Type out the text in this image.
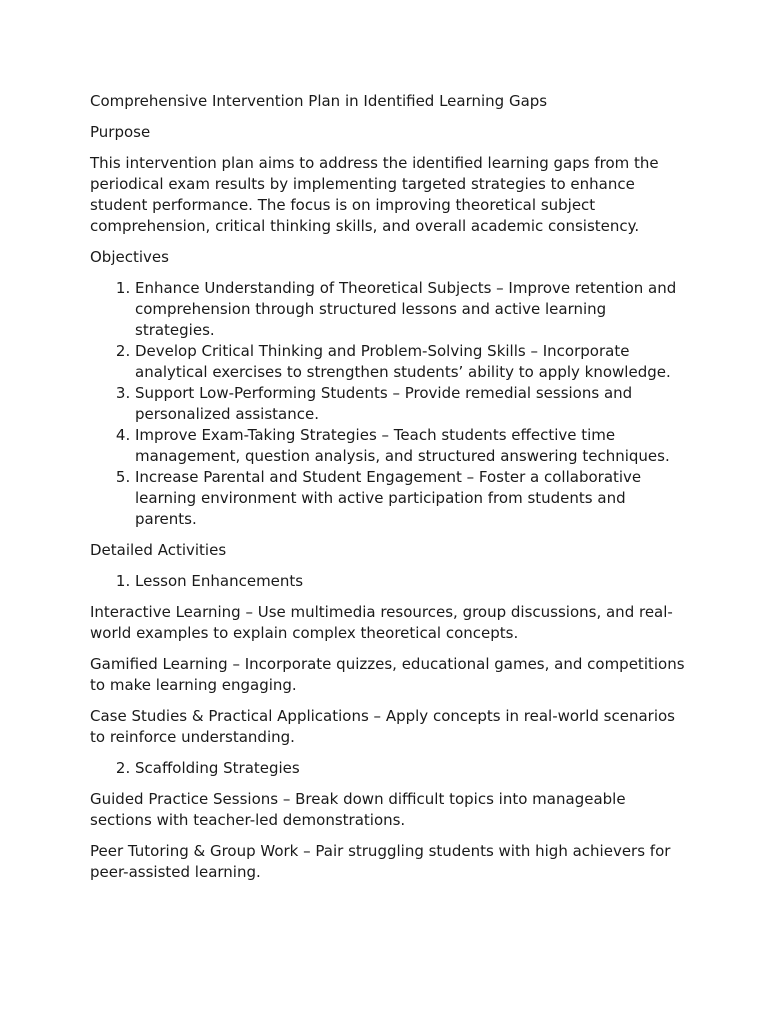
Comprehensive Intervention Plan in Identified Learning Gaps

Purpose

This intervention plan aims to address the identified learning gaps from the periodical exam results by implementing targeted strategies to enhance student performance. The focus is on improving theoretical subject comprehension, critical thinking skills, and overall academic consistency.

Objectives

1. Enhance Understanding of Theoretical Subjects – Improve retention and comprehension through structured lessons and active learning strategies.
2. Develop Critical Thinking and Problem-Solving Skills – Incorporate analytical exercises to strengthen students’ ability to apply knowledge.
3. Support Low-Performing Students – Provide remedial sessions and personalized assistance.
4. Improve Exam-Taking Strategies – Teach students effective time management, question analysis, and structured answering techniques.
5. Increase Parental and Student Engagement – Foster a collaborative learning environment with active participation from students and parents.

Detailed Activities

1. Lesson Enhancements

Interactive Learning – Use multimedia resources, group discussions, and real-world examples to explain complex theoretical concepts.

Gamified Learning – Incorporate quizzes, educational games, and competitions to make learning engaging.

Case Studies & Practical Applications – Apply concepts in real-world scenarios to reinforce understanding.

2. Scaffolding Strategies

Guided Practice Sessions – Break down difficult topics into manageable sections with teacher-led demonstrations.

Peer Tutoring & Group Work – Pair struggling students with high achievers for peer-assisted learning.
